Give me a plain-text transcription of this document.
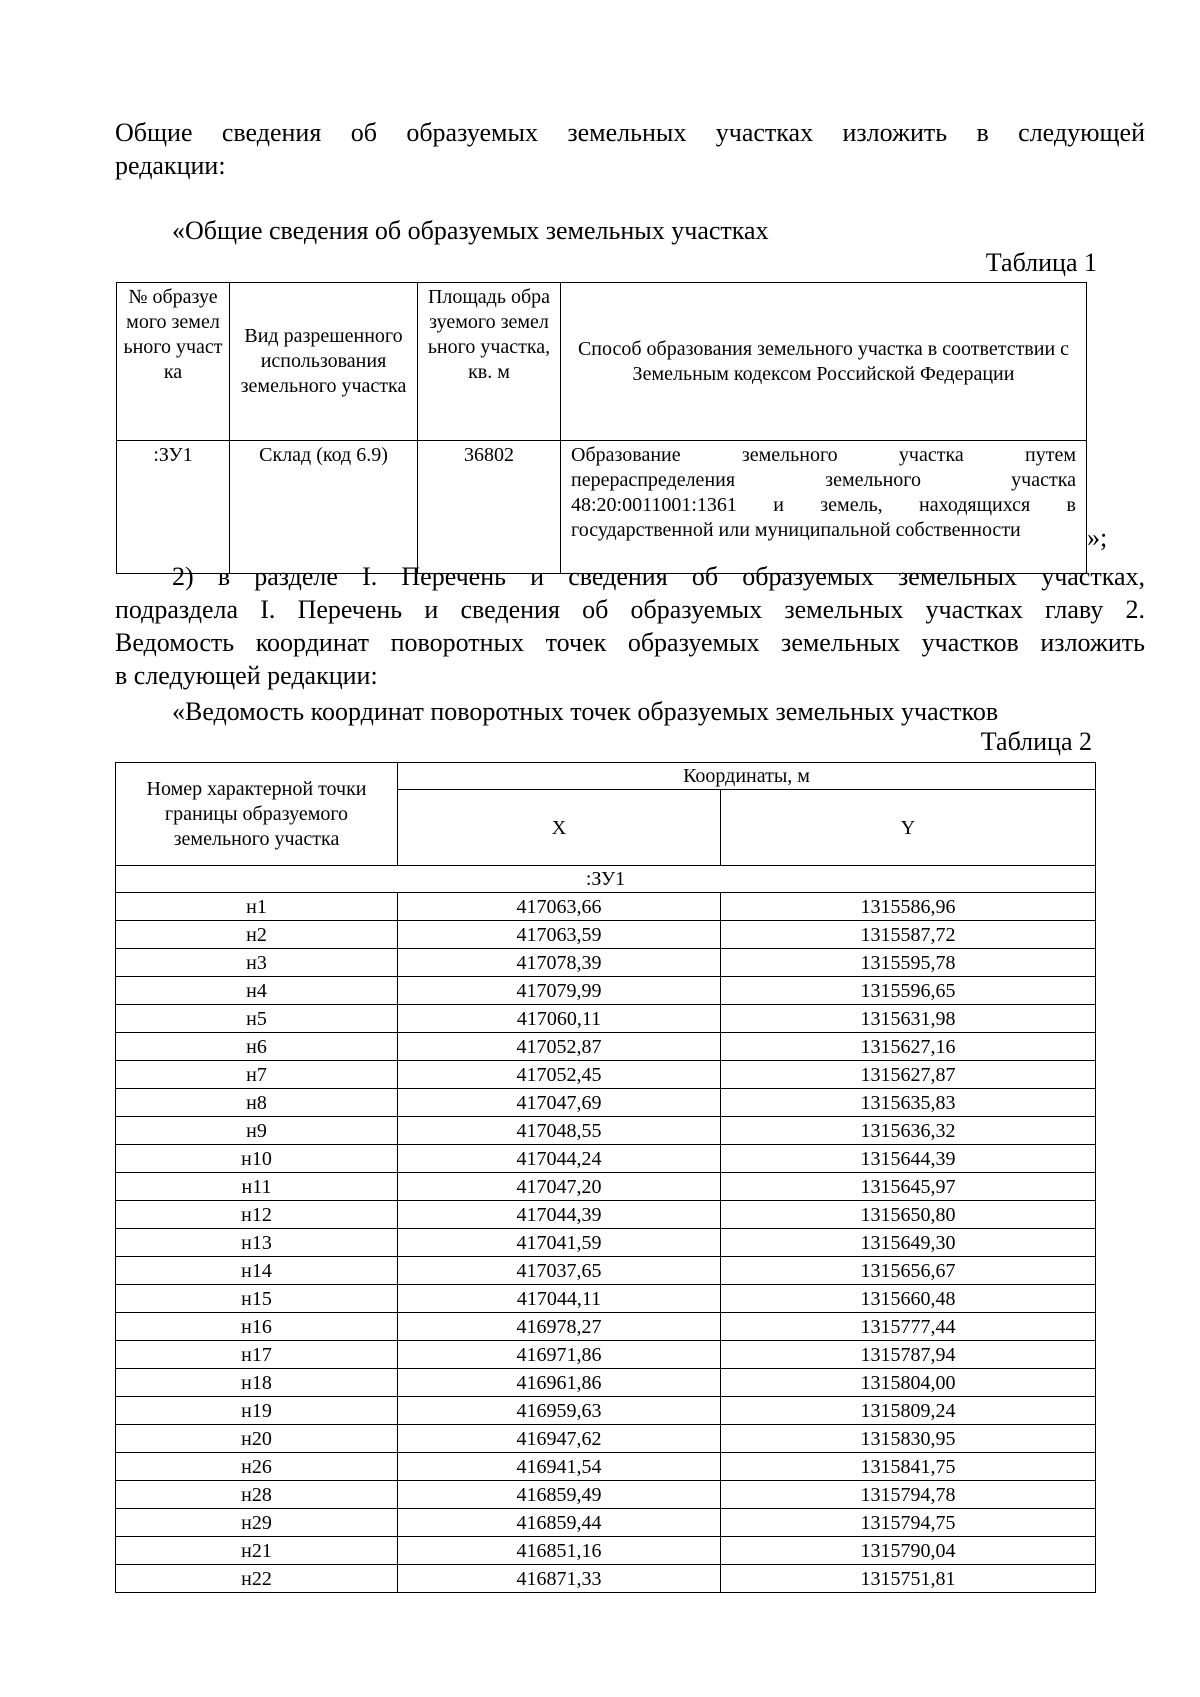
Общие сведения об образуемых земельных участках изложить в следующей
редакции:
«Общие сведения об образуемых земельных участках
Таблица 1
№ образуемого земельного участка	Вид разрешенного использования земельного участка	Площадь образуемого земельного участка, кв. м	Способ образования земельного участка в соответствии с Земельным кодексом Российской Федерации
:ЗУ1	Склад (код 6.9)	36802	Образование земельного участка путем перераспределения земельного участка 48:20:0011001:1361 и земель, находящихся в государственной или муниципальной собственности	»;
2) в разделе I. Перечень и сведения об образуемых земельных участках,
подраздела I. Перечень и сведения об образуемых земельных участках главу 2.
Ведомость координат поворотных точек образуемых земельных участков изложить
в следующей редакции:
«Ведомость координат поворотных точек образуемых земельных участков
Таблица 2
Номер характерной точки границы образуемого земельного участка	Координаты, м	
	X	Y
:ЗУ1		
н1	417063,66	1315586,96
н2	417063,59	1315587,72
н3	417078,39	1315595,78
н4	417079,99	1315596,65
н5	417060,11	1315631,98
н6	417052,87	1315627,16
н7	417052,45	1315627,87
н8	417047,69	1315635,83
н9	417048,55	1315636,32
н10	417044,24	1315644,39
н11	417047,20	1315645,97
н12	417044,39	1315650,80
н13	417041,59	1315649,30
н14	417037,65	1315656,67
н15	417044,11	1315660,48
н16	416978,27	1315777,44
н17	416971,86	1315787,94
н18	416961,86	1315804,00
н19	416959,63	1315809,24
н20	416947,62	1315830,95
н26	416941,54	1315841,75
н28	416859,49	1315794,78
н29	416859,44	1315794,75
н21	416851,16	1315790,04
н22	416871,33	1315751,81
